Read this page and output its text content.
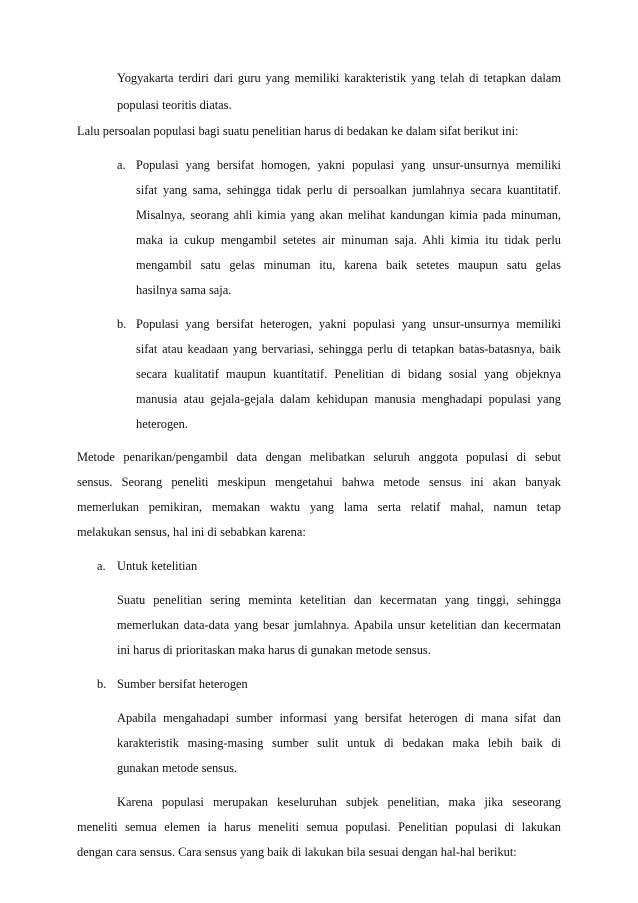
Yogyakarta terdiri dari guru yang memiliki karakteristik yang telah di tetapkan dalam
populasi teoritis diatas.
Lalu persoalan populasi bagi suatu penelitian harus di bedakan ke dalam sifat berikut ini:
a. Populasi yang bersifat homogen, yakni populasi yang unsur-unsurnya memiliki
sifat yang sama, sehingga tidak perlu di persoalkan jumlahnya secara kuantitatif.
Misalnya, seorang ahli kimia yang akan melihat kandungan kimia pada minuman,
maka ia cukup mengambil setetes air minuman saja. Ahli kimia itu tidak perlu
mengambil satu gelas minuman itu, karena baik setetes maupun satu gelas
hasilnya sama saja.
b. Populasi yang bersifat heterogen, yakni populasi yang unsur-unsurnya memiliki
sifat atau keadaan yang bervariasi, sehingga perlu di tetapkan batas-batasnya, baik
secara kualitatif maupun kuantitatif. Penelitian di bidang sosial yang objeknya
manusia atau gejala-gejala dalam kehidupan manusia menghadapi populasi yang
heterogen.
Metode penarikan/pengambil data dengan melibatkan seluruh anggota populasi di sebut
sensus. Seorang peneliti meskipun mengetahui bahwa metode sensus ini akan banyak
memerlukan pemikiran, memakan waktu yang lama serta relatif mahal, namun tetap
melakukan sensus, hal ini di sebabkan karena:
a. Untuk ketelitian
Suatu penelitian sering meminta ketelitian dan kecermatan yang tinggi, sehingga
memerlukan data-data yang besar jumlahnya. Apabila unsur ketelitian dan kecermatan
ini harus di prioritaskan maka harus di gunakan metode sensus.
b. Sumber bersifat heterogen
Apabila mengahadapi sumber informasi yang bersifat heterogen di mana sifat dan
karakteristik masing-masing sumber sulit untuk di bedakan maka lebih baik di
gunakan metode sensus.
Karena populasi merupakan keseluruhan subjek penelitian, maka jika seseorang
meneliti semua elemen ia harus meneliti semua populasi. Penelitian populasi di lakukan
dengan cara sensus. Cara sensus yang baik di lakukan bila sesuai dengan hal-hal berikut:
